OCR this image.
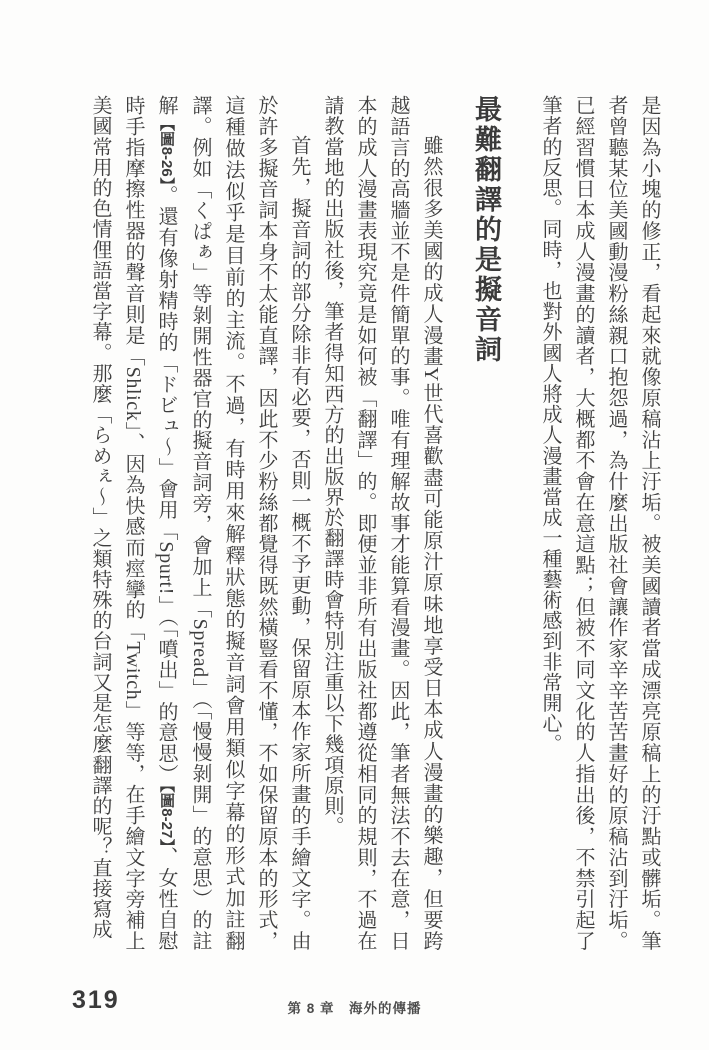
是因為小塊的修正，看起來就像原稿沾上汙垢。被美國讀者當成漂亮原稿上的汙點或髒垢。筆者曾聽某位美國動漫粉絲親口抱怨過，為什麼出版社會讓作家辛辛苦苦畫好的原稿沾到汙垢。已經習慣日本成人漫畫的讀者，大概都不會在意這點；但被不同文化的人指出後，不禁引起了筆者的反思。同時，也對外國人將成人漫畫當成一種藝術感到非常開心。

最難翻譯的是擬音詞

雖然很多美國的成人漫畫Y世代喜歡盡可能原汁原味地享受日本成人漫畫的樂趣，但要跨越語言的高牆並不是件簡單的事。唯有理解故事才能算看漫畫。因此，筆者無法不去在意，日本的成人漫畫表現究竟是如何被「翻譯」的。即便並非所有出版社都遵從相同的規則，不過在請教當地的出版社後，筆者得知西方的出版界於翻譯時會特別注重以下幾項原則。

首先，擬音詞的部分除非有必要，否則一概不予更動，保留原本作家所畫的手繪文字。由於許多擬音詞本身不太能直譯，因此不少粉絲都覺得既然橫豎看不懂，不如保留原本的形式，這種做法似乎是目前的主流。不過，有時用來解釋狀態的擬音詞會用類似字幕的形式加註翻譯。例如「くぱぁ」等剝開性器官的擬音詞旁，會加上「Spread」（「慢慢剝開」的意思）的註解【圖8-26】。還有像射精時的「ドビュ～」會用「Spurt!」（「噴出」的意思）【圖8-27】、女性自慰時手指摩擦性器的聲音則是「Shlick」、因為快感而痙攣的「Twitch」等等，在手繪文字旁補上美國常用的色情俚語當字幕。那麼「らめぇ～」之類特殊的台詞又是怎麼翻譯的呢？直接寫成

319	第 8 章　海外的傳播
